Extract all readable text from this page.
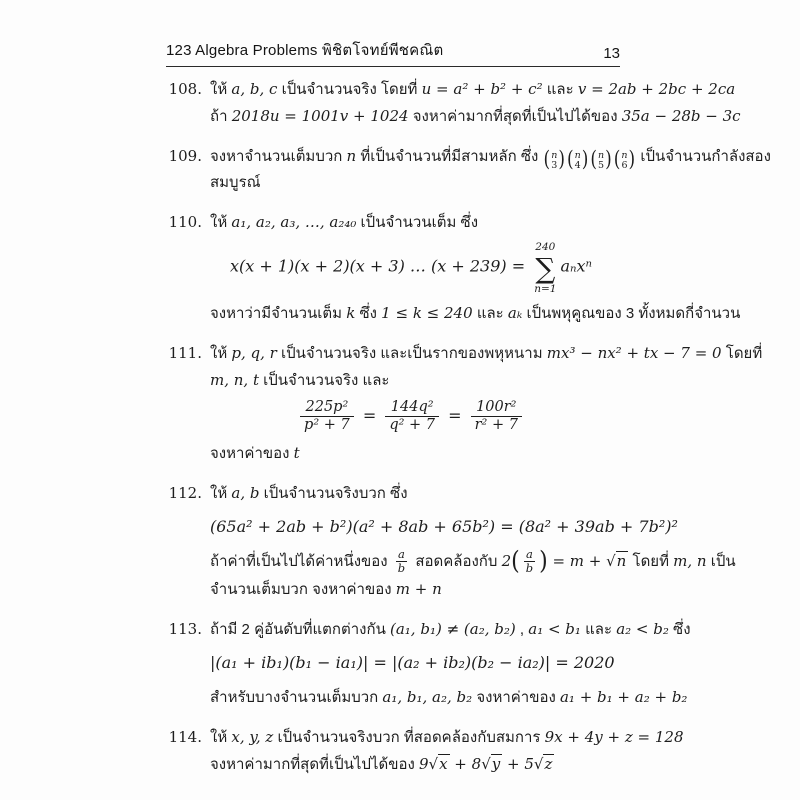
123 Algebra Problems พิชิตโจทย์พีชคณิต	13
108. ให้ a, b, c เป็นจำนวนจริง โดยที่ u = a² + b² + c² และ v = 2ab + 2bc + 2ca
ถ้า 2018u = 1001v + 1024 จงหาค่ามากที่สุดที่เป็นไปได้ของ 35a − 28b − 3c
109. จงหาจำนวนเต็มบวก n ที่เป็นจำนวนที่มีสามหลัก ซึ่ง ( n
3 ) ( n
4 ) ( n
5 ) ( n
6 ) เป็นจำนวนกำลังสอง
สมบูรณ์
110. ให้ a₁, a₂, a₃, …, a₂₄₀ เป็นจำนวนเต็ม ซึ่ง
x(x + 1)(x + 2)(x + 3) … (x + 239) =
240
∑
n=1
aₙxⁿ
จงหาว่ามีจำนวนเต็ม k ซึ่ง 1 ≤ k ≤ 240 และ aₖ เป็นพหุคูณของ 3 ทั้งหมดกี่จำนวน
111. ให้ p, q, r เป็นจำนวนจริง และเป็นรากของพหุหนาม mx³ − nx² + tx − 7 = 0 โดยที่
m, n, t เป็นจำนวนจริง และ
$\frac{\text{225p²}}{\text{p² + 7}} = \frac{\text{144q²}}{\text{q² + 7}} = \frac{\text{100r²}}{\text{r² + 7}}$
จงหาค่าของ t
112. ให้ a, b เป็นจำนวนจริงบวก ซึ่ง
(65a² + 2ab + b²)(a² + 8ab + 65b²) = (8a² + 39ab + 7b²)²
ถ้าค่าที่เป็นไปได้ค่าหนึ่งของ $\frac{a}{b}$ สอดคล้องกับ $2( \frac{a}{b}$ ) = m + √n โดยที่ m, n เป็น
จำนวนเต็มบวก จงหาค่าของ m + n
113. ถ้ามี 2 คู่อันดับที่แตกต่างกัน (a₁, b₁) ≠ (a₂, b₂) , a₁ < b₁ และ a₂ < b₂ ซึ่ง
|(a₁ + ib₁)(b₁ − ia₁)| = |(a₂ + ib₂)(b₂ − ia₂)| = 2020
สำหรับบางจำนวนเต็มบวก a₁, b₁, a₂, b₂ จงหาค่าของ a₁ + b₁ + a₂ + b₂
114. ให้ x, y, z เป็นจำนวนจริงบวก ที่สอดคล้องกับสมการ 9x + 4y + z = 128
จงหาค่ามากที่สุดที่เป็นไปได้ของ 9√x + 8√y + 5√z
